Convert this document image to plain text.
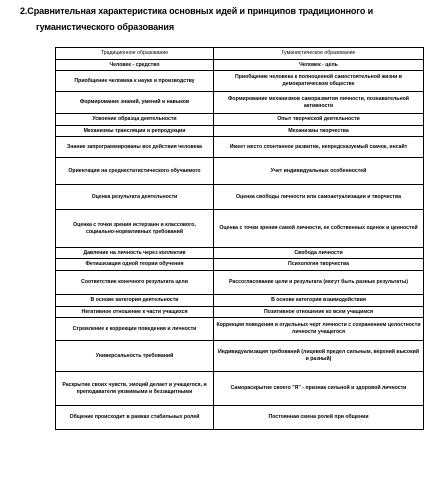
2.Сравнительная характеристика основных идей и принципов традиционного и
гуманистического образования
Традиционное образование	Гуманистическое образование
Человек - средство	Человек - цель
Приобщение человека к науке и производству	Приобщение человека к полноценной самостоятельной жизни в демократическом обществе
Формирование знаний, умений и навыков	Формирование механизмов саморазвития личности, познавательной активности
Усвоение образца деятельности	Опыт творческой деятельности
Механизмы трансляции и репродукции	Механизмы творчества
Знание запрограммированы все действия человека	Имеет место спонтанное развитие, непредсказуемый скачок, инсайт
Ориентация на среднестатистического обучаемого	Учет индивидуальных особенностей
Оценка результата деятельности	Оценка свободы личности или самоактуализации и творчества
Оценка с точки зрения истерзанн и классового, социально-нормативных требований	Оценка с точки зрения самой личности, ее собственных оценок и ценностей
Давление на личность через коллектив	Свобода личности
Фетишизация одной теории обучения	Психология творчества
Соответствие конечного результата цели	Рассогласование цели и результата (могут быть разные результаты)
В основе категория деятельности	В основе категория взаимодействия
Негативное отношение к части учащихся	Позитивное отношение ко всем учащимся
Стремление к коррекции поведения и личности	Коррекция поведения и отдельных черт личности с сохранением целостности личности учащегося
Универсальность требований	Индивидуализация требований (лицевой предел сильным, верхний высокий и разный)
Раскрытие своих чувств, эмоций делает и учащегося, и преподавателя уязвимыми и беззащитными	Самораскрытие своего "Я" - признак сильной и здоровой личности
Общение происходит в рамках стабильных ролей	Постоянная смена ролей при общении
